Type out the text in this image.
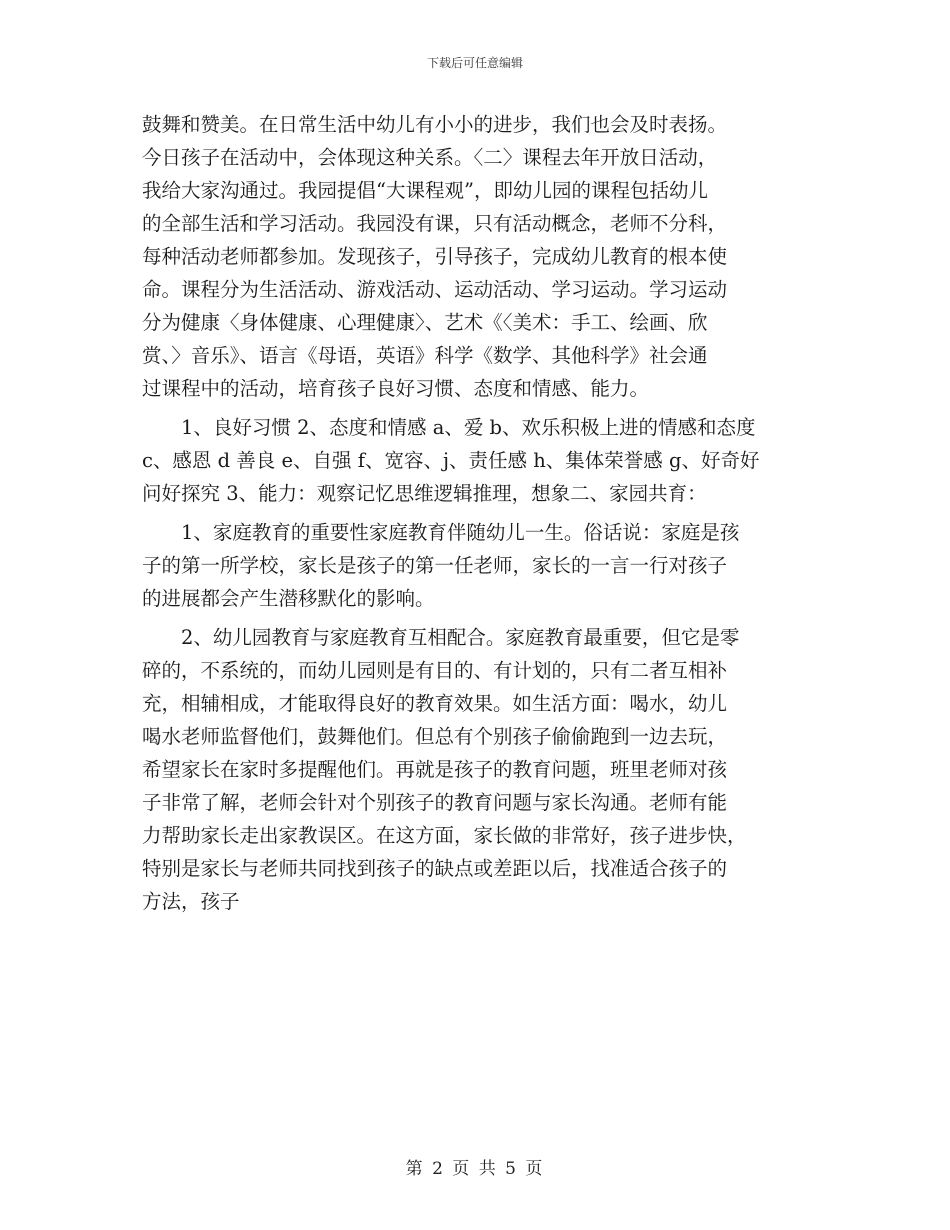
下载后可任意编辑
鼓舞和赞美。在日常生活中幼儿有小小的进步，我们也会及时表扬。
今日孩子在活动中，会体现这种关系。〈二〉课程去年开放日活动，
我给大家沟通过。我园提倡“大课程观”，即幼儿园的课程包括幼儿
的全部生活和学习活动。我园没有课，只有活动概念，老师不分科，
每种活动老师都参加。发现孩子，引导孩子，完成幼儿教育的根本使
命。课程分为生活活动、游戏活动、运动活动、学习运动。学习运动
分为健康〈身体健康、心理健康〉、艺术《〈美术：手工、绘画、欣
赏、〉音乐》、语言《母语，英语》科学《数学、其他科学》社会通
过课程中的活动，培育孩子良好习惯、态度和情感、能力。
　　1、良好习惯 2、态度和情感 a、爱 b、欢乐积极上进的情感和态度
c、感恩 d 善良 e、自强 f、宽容、j、责任感 h、集体荣誉感 g、好奇好
问好探究 3、能力：观察记忆思维逻辑推理，想象二、家园共育：
　　1、家庭教育的重要性家庭教育伴随幼儿一生。俗话说：家庭是孩
子的第一所学校，家长是孩子的第一任老师，家长的一言一行对孩子
的进展都会产生潜移默化的影响。
　　2、幼儿园教育与家庭教育互相配合。家庭教育最重要，但它是零
碎的，不系统的，而幼儿园则是有目的、有计划的，只有二者互相补
充，相辅相成，才能取得良好的教育效果。如生活方面：喝水，幼儿
喝水老师监督他们，鼓舞他们。但总有个别孩子偷偷跑到一边去玩，
希望家长在家时多提醒他们。再就是孩子的教育问题，班里老师对孩
子非常了解，老师会针对个别孩子的教育问题与家长沟通。老师有能
力帮助家长走出家教误区。在这方面，家长做的非常好，孩子进步快，
特别是家长与老师共同找到孩子的缺点或差距以后，找准适合孩子的
方法，孩子
第 2 页 共 5 页
